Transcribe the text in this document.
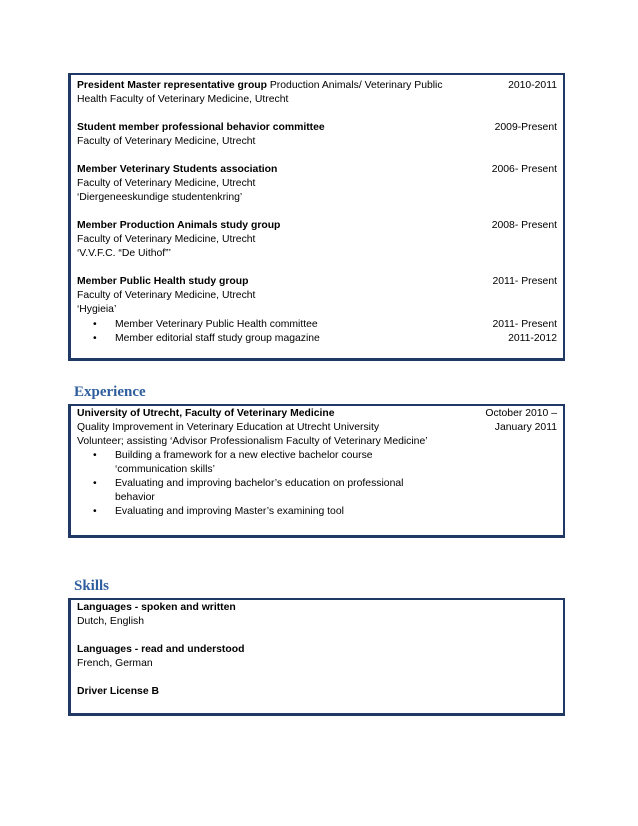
President Master representative group Production Animals/ Veterinary Public
Health Faculty of Veterinary Medicine, Utrecht
2010-2011
Student member professional behavior committee
Faculty of Veterinary Medicine, Utrecht
2009-Present
Member Veterinary Students association
Faculty of Veterinary Medicine, Utrecht
‘Diergeneeskundige studentenkring’
2006- Present
Member Production Animals study group
Faculty of Veterinary Medicine, Utrecht
‘V.V.F.C. “De Uithof”’
2008- Present
Member Public Health study group
Faculty of Veterinary Medicine, Utrecht
‘Hygieia’
2011- Present
• Member Veterinary Public Health committee
• Member editorial staff study group magazine
2011- Present
2011-2012
Experience
University of Utrecht, Faculty of Veterinary Medicine
Quality Improvement in Veterinary Education at Utrecht University
Volunteer; assisting ‘Advisor Professionalism Faculty of Veterinary Medicine’
• Building a framework for a new elective bachelor course
‘communication skills’
• Evaluating and improving bachelor’s education on professional
behavior
• Evaluating and improving Master’s examining tool
October 2010 –
January 2011
Skills
Languages - spoken and written
Dutch, English
Languages - read and understood
French, German
Driver License B
